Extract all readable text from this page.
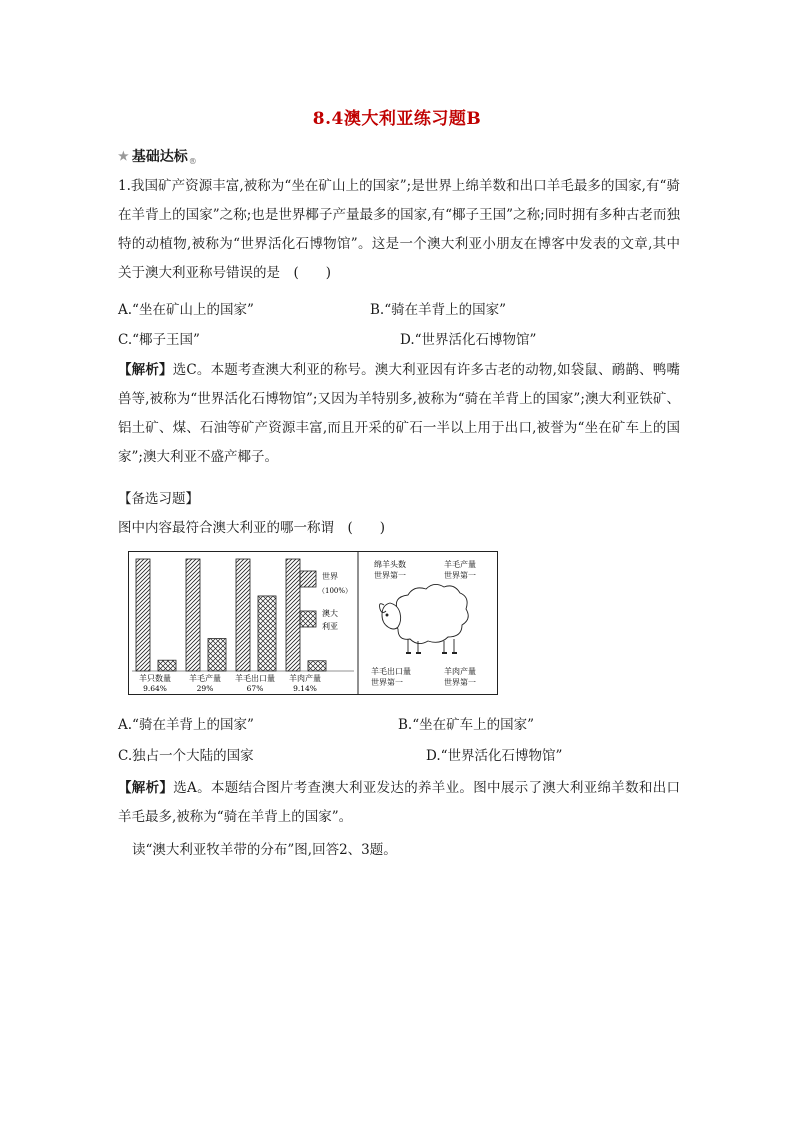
8.4澳大利亚练习题B
★ 基础达标 ®

1.我国矿产资源丰富,被称为“坐在矿山上的国家”;是世界上绵羊数和出口羊毛最多的国家,有“骑在羊背上的国家”之称;也是世界椰子产量最多的国家,有“椰子王国”之称;同时拥有多种古老而独特的动植物,被称为“世界活化石博物馆”。这是一个澳大利亚小朋友在博客中发表的文章,其中关于澳大利亚称号错误的是　(　　)

A.“坐在矿山上的国家”	B.“骑在羊背上的国家”
C.“椰子王国”	D.“世界活化石博物馆”

【解析】选C。本题考查澳大利亚的称号。澳大利亚因有许多古老的动物,如袋鼠、鸸鹋、鸭嘴兽等,被称为“世界活化石博物馆”;又因为羊特别多,被称为“骑在羊背上的国家”;澳大利亚铁矿、铝土矿、煤、石油等矿产资源丰富,而且开采的矿石一半以上用于出口,被誉为“坐在矿车上的国家”;澳大利亚不盛产椰子。

【备选习题】
图中内容最符合澳大利亚的哪一称谓　(　　)
羊只数量
9.64%
羊毛产量
29%
羊毛出口量
67%
羊肉产量
9.14%
世界
（100%）
澳大
利亚
绵羊头数
世界第一
羊毛产量
世界第一
羊毛出口量
世界第一
羊肉产量
世界第一
A.“骑在羊背上的国家”	B.“坐在矿车上的国家”
C.独占一个大陆的国家	D.“世界活化石博物馆”

【解析】选A。本题结合图片考查澳大利亚发达的养羊业。图中展示了澳大利亚绵羊数和出口羊毛最多,被称为“骑在羊背上的国家”。

读“澳大利亚牧羊带的分布”图,回答2、3题。
